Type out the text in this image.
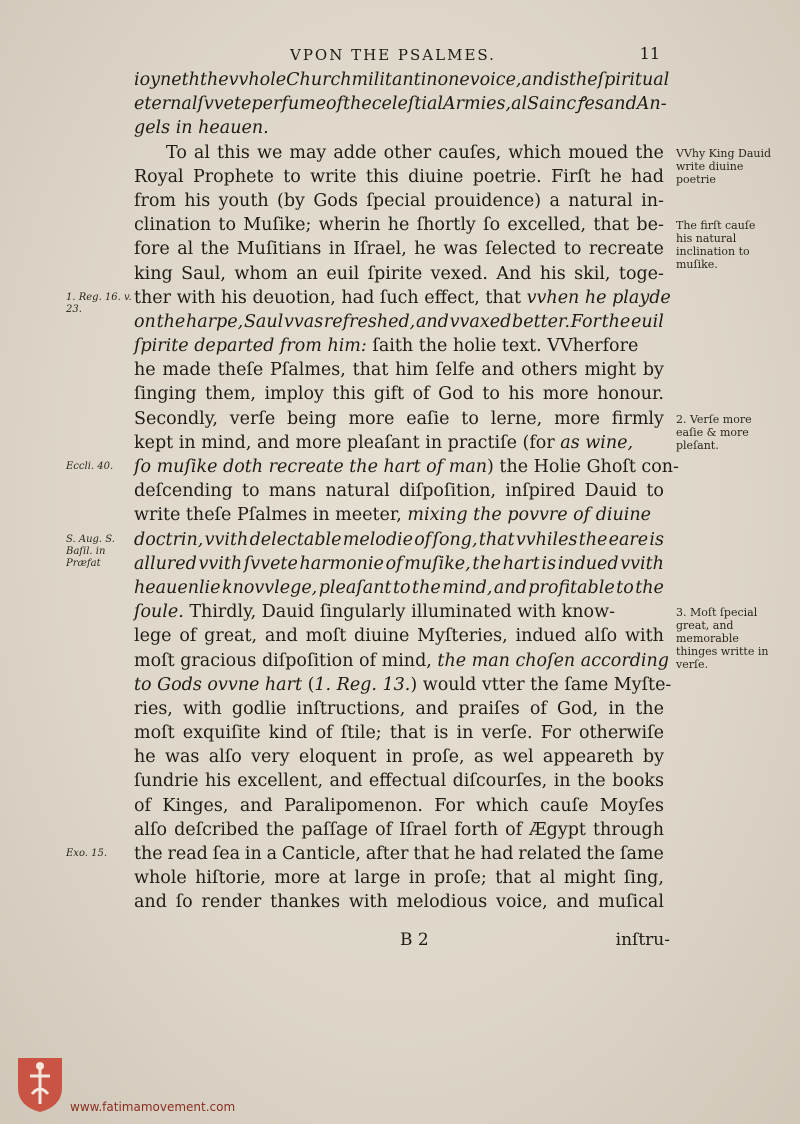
VPON THE PSALMES.	11
ioyneth the vvhole Church militant in one voice, and is the ſpiritual
eternal ſvvete perfume of the celeſtial Armies, al Saincꝭes and An-
gels in heauen.
To al this we may adde other cauſes, which moued the
Royal Prophete to write this diuine poetrie. Firſt he had
from his youth (by Gods ſpecial prouidence) a natural in-
clination to Muſike; wherin he ſhortly ſo excelled, that be-
fore al the Muſitians in Iſrael, he was ſelected to recreate
king Saul, whom an euil ſpirite vexed. And his skil, toge-
ther with his deuotion, had ſuch effect, that vvhen he playde
on the harpe, Saul vvas refreshed, and vvaxed better. For the euil
ſpirite departed from him: ſaith the holie text. VVherfore
he made theſe Pſalmes, that him ſelfe and others might by
ſinging them, imploy this gift of God to his more honour.
Secondly, verſe being more eaſie to lerne, more firmly
kept in mind, and more pleaſant in practiſe (for as wine,
ſo muſike doth recreate the hart of man ) the Holie Ghoſt con-
deſcending to mans natural diſpoſition, inſpired Dauid to
write theſe Pſalmes in meeter, mixing the povvre of diuine
doctrin, vvith delectable melodie of ſong, that vvhiles the eare is
allured vvith ſvvete harmonie of muſike, the hart is indued vvith
heauenlie knovvlege, pleaſant to the mind, and profitable to the
ſoule. Thirdly, Dauid ſingularly illuminated with know-
lege of great, and moſt diuine Myſteries, indued alſo with
moſt gracious diſpoſition of mind, the man choſen according
to Gods ovvne hart ( 1. Reg. 13. ) would vtter the ſame Myſte-
ries, with godlie inſtructions, and praiſes of God, in the
moſt exquiſite kind of ſtile; that is in verſe. For otherwiſe
he was alſo very eloquent in proſe, as wel appeareth by
ſundrie his excellent, and effectual diſcourſes, in the books
of Kinges, and Paralipomenon. For which cauſe Moyſes
alſo deſcribed the paſſage of Iſrael forth of Ægypt through
the read ſea in a Canticle, after that he had related the ſame
whole hiſtorie, more at large in proſe; that al might ſing,
and ſo render thankes with melodious voice, and muſical
VVhy King Dauid write diuine poetrie
The firſt cauſe his natural inclination to muſike.
2. Verſe more eaſie & more pleſant.
3. Moſt ſpecial great, and memorable thinges writte in verſe.
1. Reg. 16. v. 23.
Eccli. 40.
S. Aug. S. Baſil. in Præfat
Exo. 15.
B 2	inſtru-
www.fatimamovement.com
